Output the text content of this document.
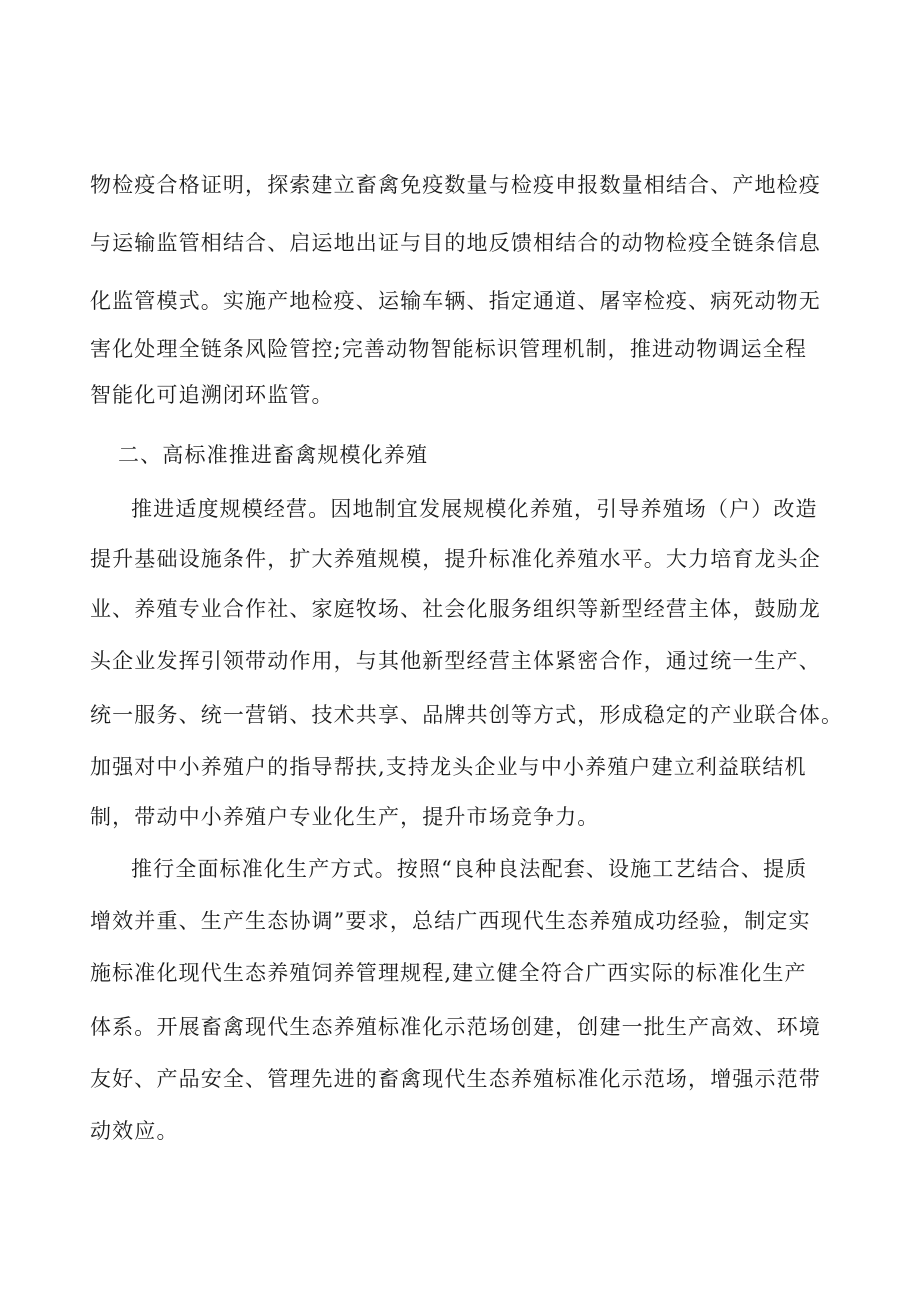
物检疫合格证明，探索建立畜禽免疫数量与检疫申报数量相结合、产地检疫
与运输监管相结合、启运地出证与目的地反馈相结合的动物检疫全链条信息
化监管模式。实施产地检疫、运输车辆、指定通道、屠宰检疫、病死动物无
害化处理全链条风险管控;完善动物智能标识管理机制，推进动物调运全程
智能化可追溯闭环监管。
二、高标准推进畜禽规模化养殖
推进适度规模经营。因地制宜发展规模化养殖，引导养殖场（户）改造
提升基础设施条件，扩大养殖规模，提升标准化养殖水平。大力培育龙头企
业、养殖专业合作社、家庭牧场、社会化服务组织等新型经营主体，鼓励龙
头企业发挥引领带动作用，与其他新型经营主体紧密合作，通过统一生产、
统一服务、统一营销、技术共享、品牌共创等方式，形成稳定的产业联合体。
加强对中小养殖户的指导帮扶,支持龙头企业与中小养殖户建立利益联结机
制，带动中小养殖户专业化生产，提升市场竞争力。
推行全面标准化生产方式。按照“良种良法配套、设施工艺结合、提质
增效并重、生产生态协调”要求，总结广西现代生态养殖成功经验，制定实
施标准化现代生态养殖饲养管理规程,建立健全符合广西实际的标准化生产
体系。开展畜禽现代生态养殖标准化示范场创建，创建一批生产高效、环境
友好、产品安全、管理先进的畜禽现代生态养殖标准化示范场，增强示范带
动效应。
